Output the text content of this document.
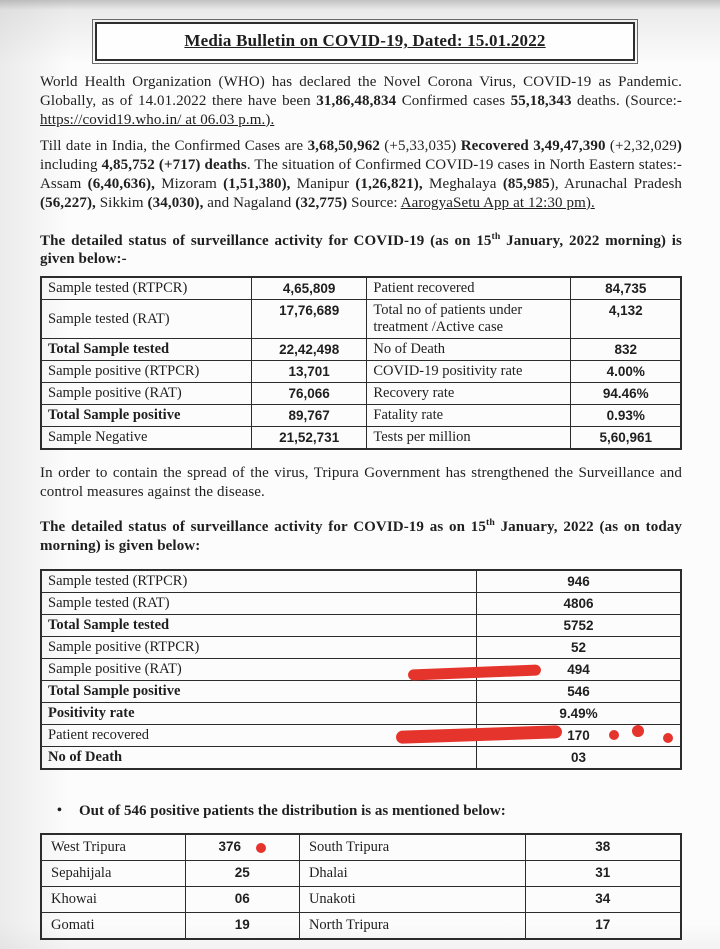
Media Bulletin on COVID-19, Dated: 15.01.2022

World Health Organization (WHO) has declared the Novel Corona Virus, COVID-19 as Pandemic. Globally, as of 14.01.2022 there have been 31,86,48,834 Confirmed cases 55,18,343 deaths. (Source:-https://covid19.who.in/ at 06.03 p.m.).

Till date in India, the Confirmed Cases are 3,68,50,962 (+5,33,035) Recovered 3,49,47,390 (+2,32,029) including 4,85,752 (+717) deaths. The situation of Confirmed COVID-19 cases in North Eastern states:-Assam (6,40,636), Mizoram (1,51,380), Manipur (1,26,821), Meghalaya (85,985), Arunachal Pradesh (56,227), Sikkim (34,030), and Nagaland (32,775) Source: AarogyaSetu App at 12:30 pm).

The detailed status of surveillance activity for COVID-19 (as on 15th January, 2022 morning) is given below:-

Sample tested (RTPCR)	4,65,809	Patient recovered	84,735
Sample tested (RAT)	17,76,689	Total no of patients under treatment /Active case	4,132
Total Sample tested	22,42,498	No of Death	832
Sample positive (RTPCR)	13,701	COVID-19 positivity rate	4.00%
Sample positive (RAT)	76,066	Recovery rate	94.46%
Total Sample positive	89,767	Fatality rate	0.93%
Sample Negative	21,52,731	Tests per million	5,60,961

In order to contain the spread of the virus, Tripura Government has strengthened the Surveillance and control measures against the disease.

The detailed status of surveillance activity for COVID-19 as on 15th January, 2022 (as on today morning) is given below:

Sample tested (RTPCR)	946
Sample tested (RAT)	4806
Total Sample tested	5752
Sample positive (RTPCR)	52
Sample positive (RAT)	494
Total Sample positive	546
Positivity rate	9.49%
Patient recovered	170
No of Death	03
•	Out of 546 positive patients the distribution is as mentioned below:
West Tripura	376	South Tripura	38
Sepahijala	25	Dhalai	31
Khowai	06	Unakoti	34
Gomati	19	North Tripura	17
